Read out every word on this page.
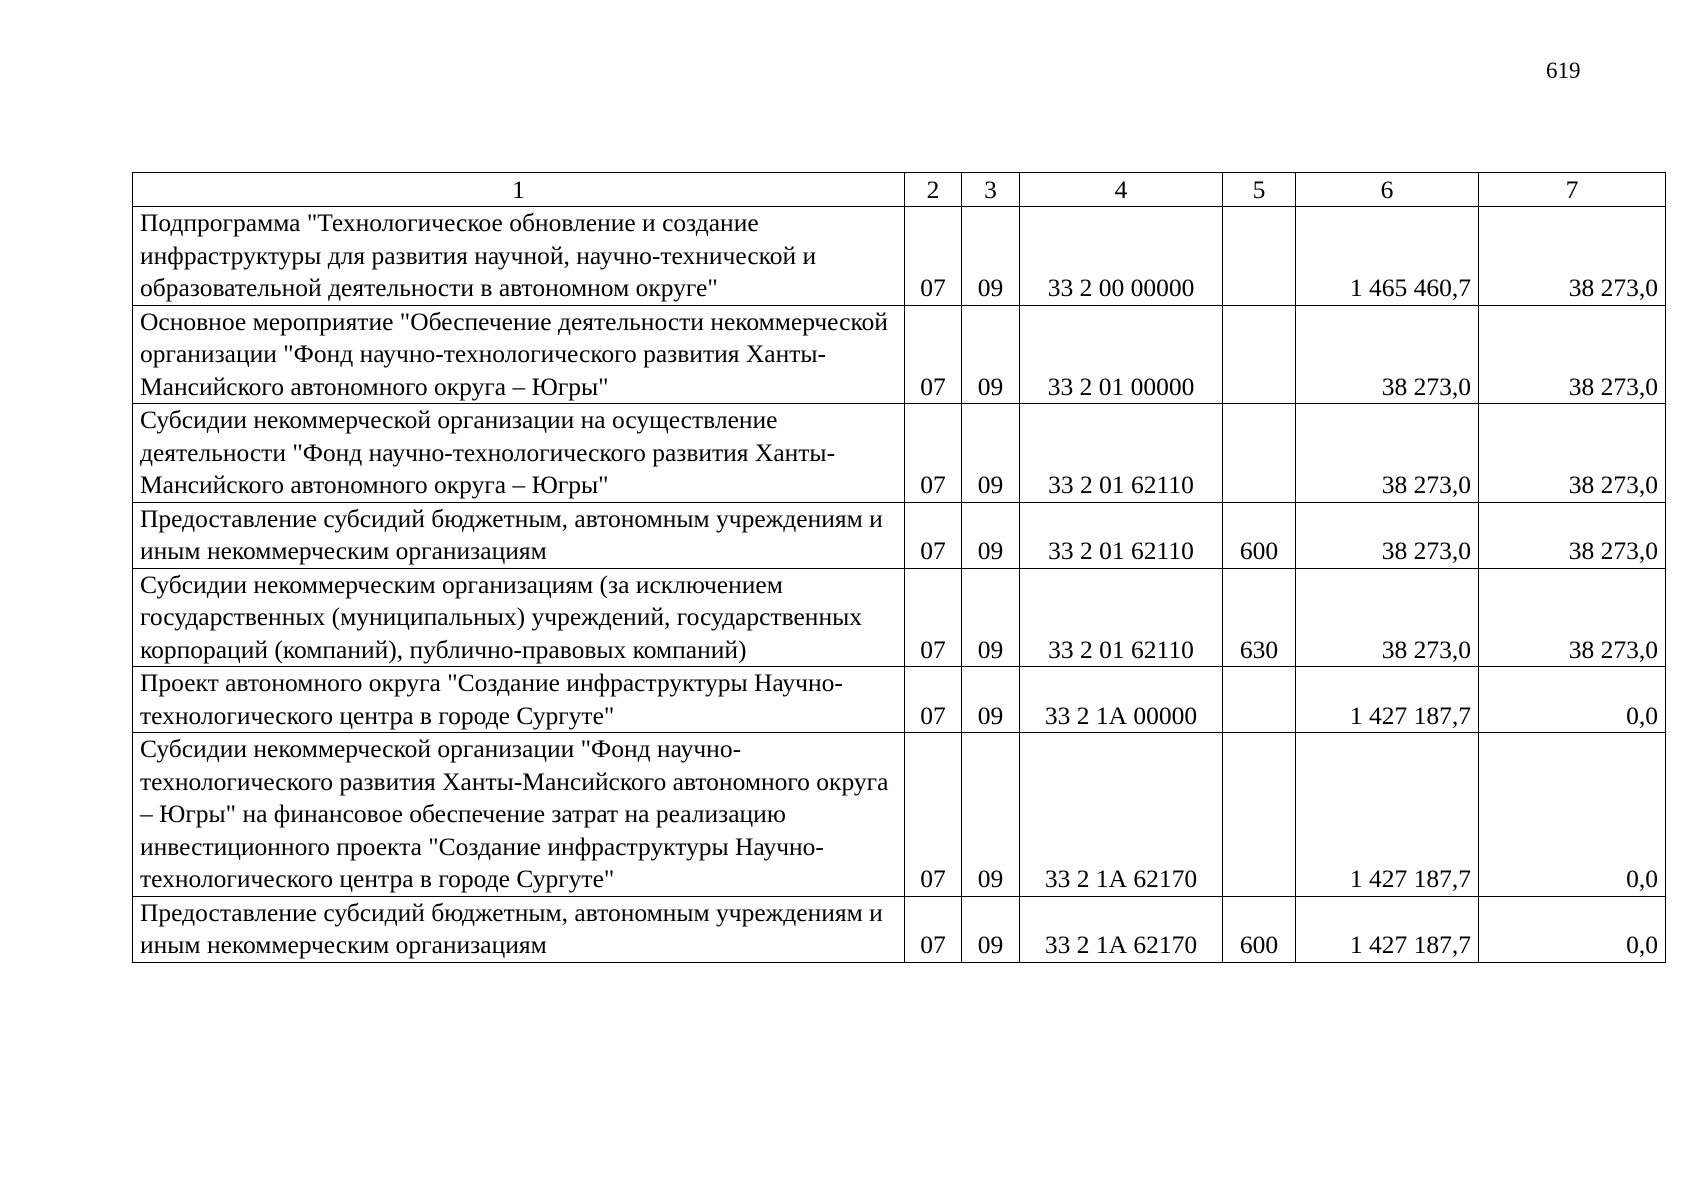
619
1	2	3	4	5	6	7
Подпрограмма "Технологическое обновление и создание инфраструктуры для развития научной, научно-технической и образовательной деятельности в автономном округе"	07	09	33 2 00 00000		1 465 460,7	38 273,0
Основное мероприятие "Обеспечение деятельности некоммерческой организации "Фонд научно-технологического развития Ханты-Мансийского автономного округа – Югры"	07	09	33 2 01 00000		38 273,0	38 273,0
Субсидии некоммерческой организации на осуществление деятельности "Фонд научно-технологического развития Ханты-Мансийского автономного округа – Югры"	07	09	33 2 01 62110		38 273,0	38 273,0
Предоставление субсидий бюджетным, автономным учреждениям и иным некоммерческим организациям	07	09	33 2 01 62110	600	38 273,0	38 273,0
Субсидии некоммерческим организациям (за исключением государственных (муниципальных) учреждений, государственных корпораций (компаний), публично-правовых компаний)	07	09	33 2 01 62110	630	38 273,0	38 273,0
Проект автономного округа "Создание инфраструктуры Научно-технологического центра в городе Сургуте"	07	09	33 2 1А 00000		1 427 187,7	0,0
Субсидии некоммерческой организации "Фонд научно-технологического развития Ханты-Мансийского автономного округа – Югры" на финансовое обеспечение затрат на реализацию инвестиционного проекта "Создание инфраструктуры Научно-технологического центра в городе Сургуте"	07	09	33 2 1А 62170		1 427 187,7	0,0
Предоставление субсидий бюджетным, автономным учреждениям и иным некоммерческим организациям	07	09	33 2 1А 62170	600	1 427 187,7	0,0
